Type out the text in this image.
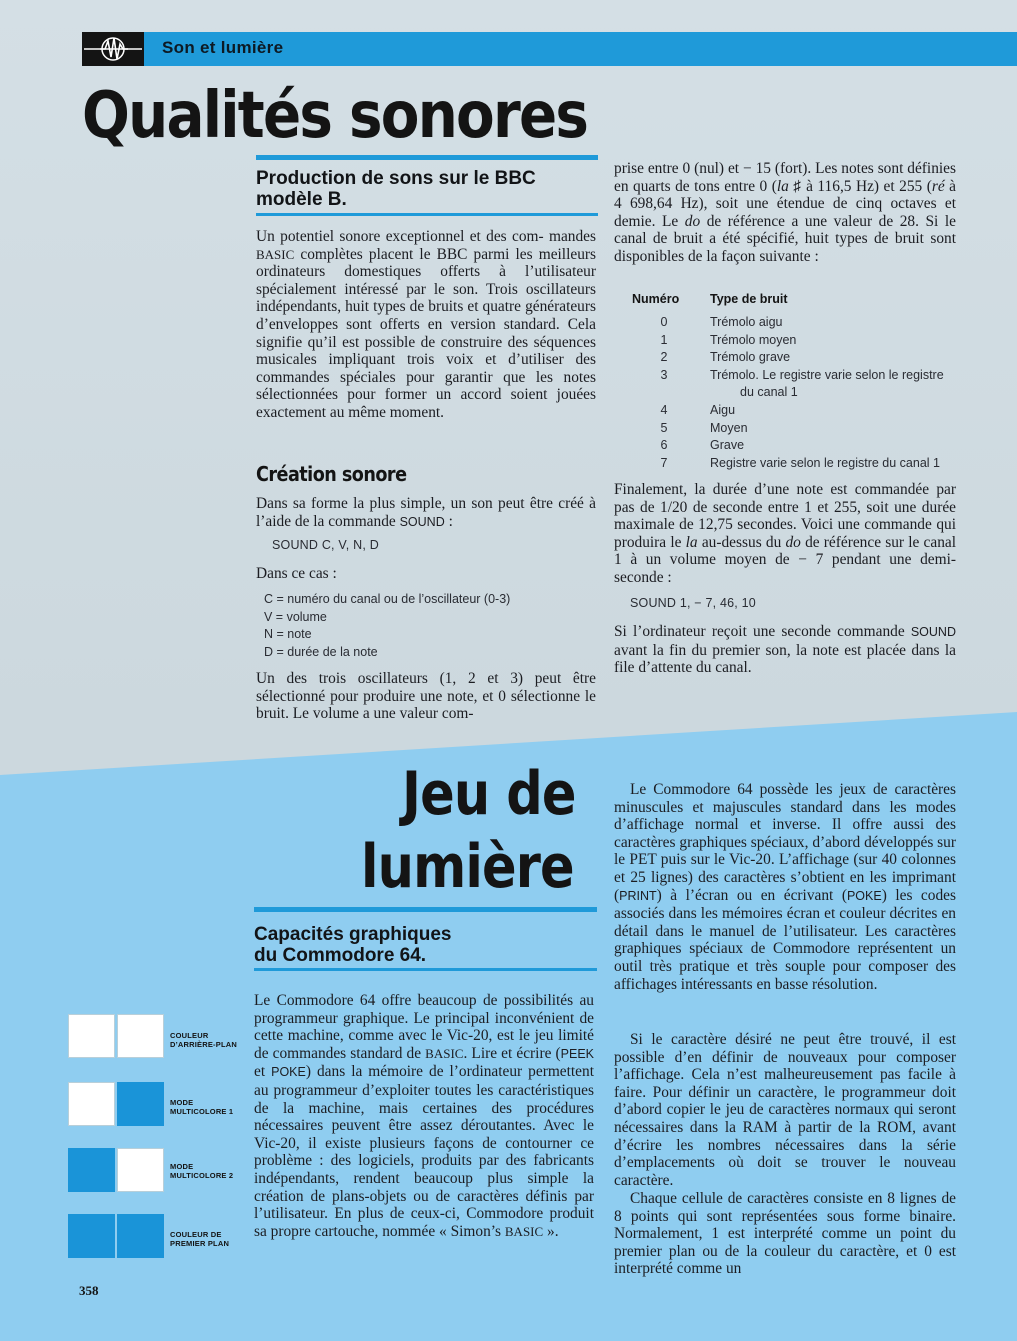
Son et lumière
Qualités sonores
Production de sons sur le BBC modèle B.

Un potentiel sonore exceptionnel et des com- mandes BASIC complètes placent le BBC parmi les meilleurs ordinateurs domestiques offerts à l’utilisateur spécialement intéressé par le son. Trois oscillateurs indépendants, huit types de bruits et quatre générateurs d’enveloppes sont offerts en version standard. Cela signifie qu’il est possible de construire des séquences musicales impliquant trois voix et d’utiliser des commandes spéciales pour garantir que les notes sélectionnées pour former un accord soient jouées exactement au même moment.

Création sonore

Dans sa forme la plus simple, un son peut être créé à l’aide de la commande SOUND :

SOUND C, V, N, D

Dans ce cas :

C = numéro du canal ou de l’oscillateur (0-3)
V = volume
N = note
D = durée de la note

Un des trois oscillateurs (1, 2 et 3) peut être sélectionné pour produire une note, et 0 sélectionne le bruit. Le volume a une valeur com-

prise entre 0 (nul) et − 15 (fort). Les notes sont définies en quarts de tons entre 0 (la ♯ à 116,5 Hz) et 255 (ré à 4 698,64 Hz), soit une étendue de cinq octaves et demie. Le do de référence a une valeur de 28. Si le canal de bruit a été spécifié, huit types de bruit sont disponibles de la façon suivante :

Numéro Type de bruit
0	Trémolo aigu
1	Trémolo moyen
2	Trémolo grave
3	Trémolo. Le registre varie selon le registre
du canal 1
4	Aigu
5	Moyen
6	Grave
7	Registre varie selon le registre du canal 1

Finalement, la durée d’une note est commandée par pas de 1/20 de seconde entre 1 et 255, soit une durée maximale de 12,75 secondes. Voici une commande qui produira le la au-dessus du do de référence sur le canal 1 à un volume moyen de − 7 pendant une demi-seconde :

SOUND 1, − 7, 46, 10

Si l’ordinateur reçoit une seconde commande SOUND avant la fin du premier son, la note est placée dans la file d’attente du canal.

Jeu de
lumière
Capacités graphiques
du Commodore 64.

Le Commodore 64 offre beaucoup de possibilités au programmeur graphique. Le principal inconvénient de cette machine, comme avec le Vic-20, est le jeu limité de commandes standard de BASIC. Lire et écrire (PEEK et POKE) dans la mémoire de l’ordinateur permettent au programmeur d’exploiter toutes les caractéristiques de la machine, mais certaines des procédures nécessaires peuvent être assez déroutantes. Avec le Vic-20, il existe plusieurs façons de contourner ce problème : des logiciels, produits par des fabricants indépendants, rendent beaucoup plus simple la création de plans-objets ou de caractères définis par l’utilisateur. En plus de ceux-ci, Commodore produit sa propre cartouche, nommée « Simon’s BASIC ».

Le Commodore 64 possède les jeux de caractères minuscules et majuscules standard dans les modes d’affichage normal et inverse. Il offre aussi des caractères graphiques spéciaux, d’abord développés sur le PET puis sur le Vic-20. L’affichage (sur 40 colonnes et 25 lignes) des caractères s’obtient en les imprimant (PRINT) à l’écran ou en écrivant (POKE) les codes associés dans les mémoires écran et couleur décrites en détail dans le manuel de l’utilisateur. Les caractères graphiques spéciaux de Commodore représentent un outil très pratique et très souple pour composer des affichages intéressants en basse résolution.

Si le caractère désiré ne peut être trouvé, il est possible d’en définir de nouveaux pour composer l’affichage. Cela n’est malheureusement pas facile à faire. Pour définir un caractère, le programmeur doit d’abord copier le jeu de caractères normaux qui seront nécessaires dans la RAM à partir de la ROM, avant d’écrire les nombres nécessaires dans la série d’emplacements où doit se trouver le nouveau caractère.

Chaque cellule de caractères consiste en 8 lignes de 8 points qui sont représentées sous forme binaire. Normalement, 1 est interprété comme un point du premier plan ou de la couleur du caractère, et 0 est interprété comme un

COULEUR
D’ARRIÈRE-PLAN
MODE
MULTICOLORE 1
MODE
MULTICOLORE 2
COULEUR DE
PREMIER PLAN
358
